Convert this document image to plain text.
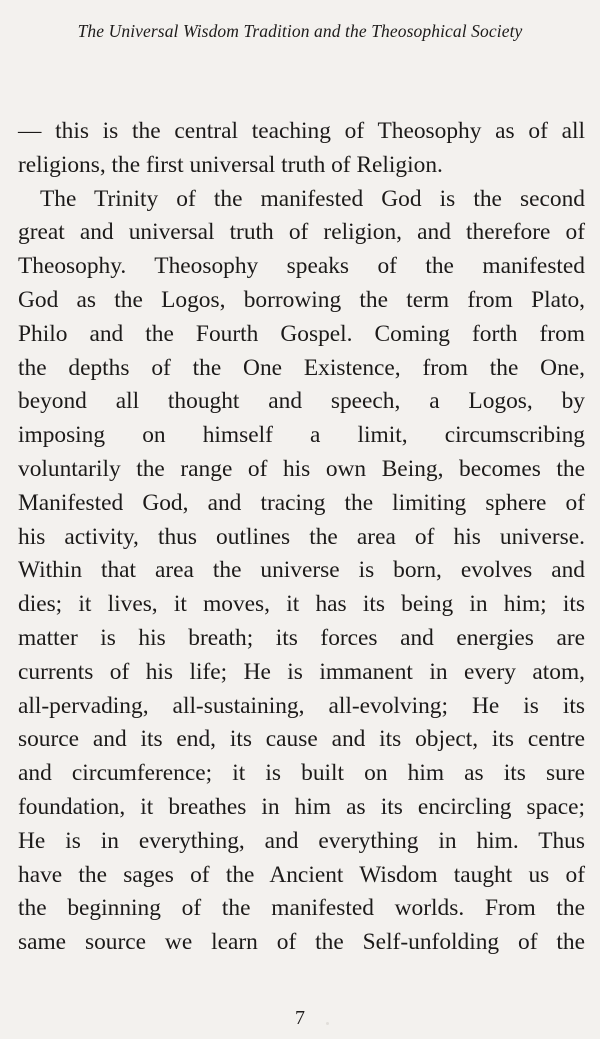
The Universal Wisdom Tradition and the Theosophical Society
— this is the central teaching of Theosophy as of all
religions, the first universal truth of Religion.
The Trinity of the manifested God is the second
great and universal truth of religion, and therefore of
Theosophy. Theosophy speaks of the manifested
God as the Logos, borrowing the term from Plato,
Philo and the Fourth Gospel. Coming forth from
the depths of the One Existence, from the One,
beyond all thought and speech, a Logos, by
imposing on himself a limit, circumscribing
voluntarily the range of his own Being, becomes the
Manifested God, and tracing the limiting sphere of
his activity, thus outlines the area of his universe.
Within that area the universe is born, evolves and
dies; it lives, it moves, it has its being in him; its
matter is his breath; its forces and energies are
currents of his life; He is immanent in every atom,
all-pervading, all-sustaining, all-evolving; He is its
source and its end, its cause and its object, its centre
and circumference; it is built on him as its sure
foundation, it breathes in him as its encircling space;
He is in everything, and everything in him. Thus
have the sages of the Ancient Wisdom taught us of
the beginning of the manifested worlds. From the
same source we learn of the Self-unfolding of the
7
